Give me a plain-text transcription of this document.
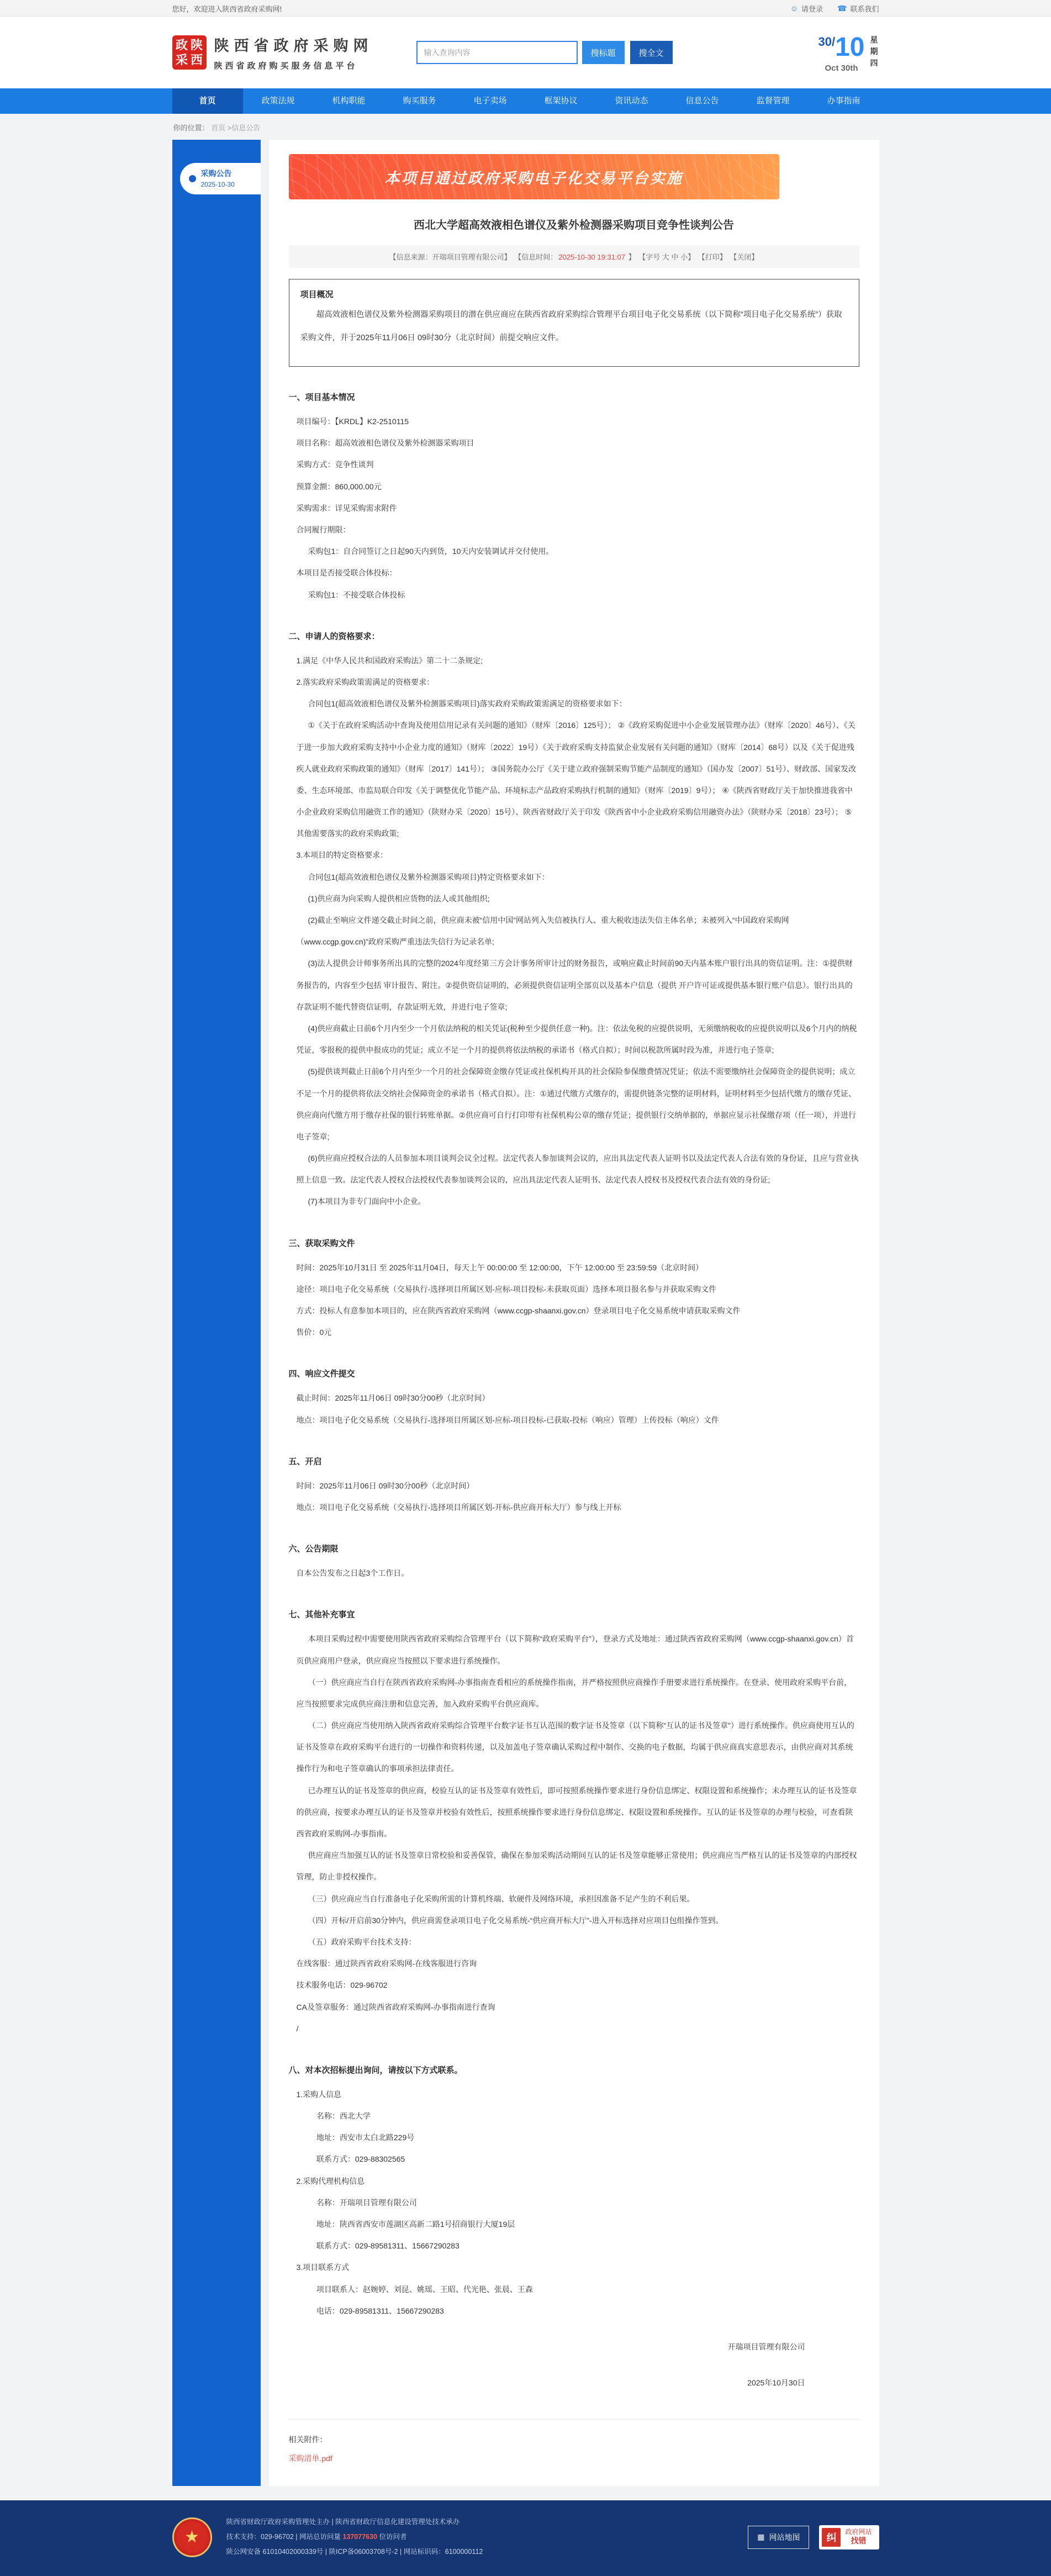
您好，欢迎进入陕西省政府采购网!	☺ 请登录 ☎ 联系我们
政 陕
采 西
陕西省政府采购网
陕西省政府购买服务信息平台
输入查询内容
搜标题	搜全文
30/10
Oct 30th
星期四
首页	政策法规	机构职能	购买服务	电子卖场	框架协议	资讯动态	信息公告	监督管理	办事指南
你的位置： 首页 >信息公告
采购公告
2025-10-30	本项目通过政府采购电子化交易平台实施
西北大学超高效液相色谱仪及紫外检测器采购项目竞争性谈判公告
【信息来源：开瑞项目管理有限公司】 【信息时间： 2025-10-30 19:31:07 】 【字号 大 中 小】 【打印】 【关闭】
项目概况

超高效液相色谱仪及紫外检测器采购项目的潜在供应商应在陕西省政府采购综合管理平台项目电子化交易系统（以下简称“项目电子化交易系统”）获取采购文件，并于2025年11月06日 09时30分（北京时间）前提交响应文件。

一、项目基本情况
项目编号：【KRDL】K2-2510115
项目名称：超高效液相色谱仪及紫外检测器采购项目
采购方式：竞争性谈判
预算金额：860,000.00元
采购需求：详见采购需求附件
合同履行期限：
采购包1：自合同签订之日起90天内到货，10天内安装调试并交付使用。
本项目是否接受联合体投标：
采购包1：不接受联合体投标
二、申请人的资格要求：
1.满足《中华人民共和国政府采购法》第二十二条规定;
2.落实政府采购政策需满足的资格要求：
合同包1(超高效液相色谱仪及紫外检测器采购项目)落实政府采购政策需满足的资格要求如下：
①《关于在政府采购活动中查询及使用信用记录有关问题的通知》（财库〔2016〕125号）； ②《政府采购促进中小企业发展管理办法》（财库〔2020〕46号）、《关于进一步加大政府采购支持中小企业力度的通知》（财库〔2022〕19号）《关于政府采购支持监狱企业发展有关问题的通知》（财库〔2014〕68号）以及《关于促进残疾人就业政府采购政策的通知》（财库〔2017〕141号）； ③国务院办公厅《关于建立政府强制采购节能产品制度的通知》（国办发〔2007〕51号）、财政部、国家发改委、生态环境部、市监局联合印发《关于调整优化节能产品、环境标志产品政府采购执行机制的通知》（财库〔2019〕9号）； ④《陕西省财政厅关于加快推进我省中小企业政府采购信用融资工作的通知》（陕财办采〔2020〕15号）、陕西省财政厅关于印发《陕西省中小企业政府采购信用融资办法》（陕财办采〔2018〕23号）； ⑤其他需要落实的政府采购政策;
3.本项目的特定资格要求：
合同包1(超高效液相色谱仪及紫外检测器采购项目)特定资格要求如下：
(1)供应商为向采购人提供相应货物的法人或其他组织;
(2)截止至响应文件递交截止时间之前，供应商未被“信用中国”网站列入失信被执行人、重大税收违法失信主体名单；未被列入“中国政府采购网（www.ccgp.gov.cn)”政府采购严重违法失信行为记录名单;
(3)法人提供会计师事务所出具的完整的2024年度经第三方会计事务所审计过的财务报告，或响应截止时间前90天内基本账户银行出具的资信证明。注：①提供财务报告的，内容至少包括 审计报告、附注。②提供资信证明的，必须提供资信证明全部页以及基本户信息（提供 开户许可证或提供基本银行账户信息）。银行出具的存款证明不能代替资信证明，存款证明无效，并进行电子签章;
(4)供应商截止日前6个月内至少一个月依法纳税的相关凭证(税种至少提供任意一种)。注：依法免税的应提供说明，无须缴纳税收的应提供说明以及6个月内的纳税凭证，零报税的提供申报成功的凭证；成立不足一个月的提供将依法纳税的承诺书（格式自拟）；时间以税款所属时段为准，并进行电子签章;
(5)提供谈判截止日前6个月内至少一个月的社会保障资金缴存凭证或社保机构开具的社会保险参保缴费情况凭证；依法不需要缴纳社会保障资金的提供说明；成立不足一个月的提供将依法交纳社会保障资金的承诺书（格式自拟）。注：①通过代缴方式缴存的，需提供链条完整的证明材料，证明材料至少包括代缴方的缴存凭证、供应商向代缴方用于缴存社保的银行转账单据。②供应商可自行打印带有社保机构公章的缴存凭证；提供银行交纳单据的，单据应显示社保缴存项（任一项），并进行电子签章;
(6)供应商应授权合法的人员参加本项目谈判会议全过程。法定代表人参加谈判会议的，应出具法定代表人证明书以及法定代表人合法有效的身份证，且应与营业执照上信息一致。法定代表人授权合法授权代表参加谈判会议的，应出具法定代表人证明书、法定代表人授权书及授权代表合法有效的身份证;
(7)本项目为非专门面向中小企业。
三、获取采购文件
时间：2025年10月31日 至 2025年11月04日，每天上午 00:00:00 至 12:00:00，下午 12:00:00 至 23:59:59（北京时间）
途径：项目电子化交易系统（交易执行-选择项目所属区划-应标-项目投标-未获取页面）选择本项目报名参与并获取采购文件
方式：投标人有意参加本项目的，应在陕西省政府采购网（www.ccgp-shaanxi.gov.cn）登录项目电子化交易系统申请获取采购文件
售价：0元
四、响应文件提交
截止时间：2025年11月06日 09时30分00秒（北京时间）
地点：项目电子化交易系统（交易执行-选择项目所属区划-应标-项目投标-已获取-投标（响应）管理）上传投标（响应）文件
五、开启
时间：2025年11月06日 09时30分00秒（北京时间）
地点：项目电子化交易系统（交易执行-选择项目所属区划-开标-供应商开标大厅）参与线上开标
六、公告期限
自本公告发布之日起3个工作日。
七、其他补充事宜
本项目采购过程中需要使用陕西省政府采购综合管理平台（以下简称“政府采购平台”），登录方式及地址：通过陕西省政府采购网（www.ccgp-shaanxi.gov.cn）首页供应商用户登录，供应商应当按照以下要求进行系统操作。
（一）供应商应当自行在陕西省政府采购网-办事指南查看相应的系统操作指南，并严格按照供应商操作手册要求进行系统操作。在登录、使用政府采购平台前，应当按照要求完成供应商注册和信息完善，加入政府采购平台供应商库。
（二）供应商应当使用纳入陕西省政府采购综合管理平台数字证书互认范围的数字证书及签章（以下简称“互认的证书及签章”）进行系统操作。供应商使用互认的证书及签章在政府采购平台进行的一切操作和资料传递，以及加盖电子签章确认采购过程中制作、交换的电子数据，均属于供应商真实意思表示，由供应商对其系统操作行为和电子签章确认的事项承担法律责任。
已办理互认的证书及签章的供应商，校验互认的证书及签章有效性后，即可按照系统操作要求进行身份信息绑定、权限设置和系统操作；未办理互认的证书及签章的供应商，按要求办理互认的证书及签章并校验有效性后，按照系统操作要求进行身份信息绑定、权限设置和系统操作。互认的证书及签章的办理与校验，可查看陕西省政府采购网-办事指南。
供应商应当加强互认的证书及签章日常校验和妥善保管，确保在参加采购活动期间互认的证书及签章能够正常使用；供应商应当严格互认的证书及签章的内部授权管理，防止非授权操作。
（三）供应商应当自行准备电子化采购所需的计算机终端、软硬件及网络环境，承担因准备不足产生的不利后果。
（四）开标/开启前30分钟内，供应商需登录项目电子化交易系统-“供应商开标大厅”-进入开标选择对应项目包组操作签到。
（五）政府采购平台技术支持：
在线客服：通过陕西省政府采购网-在线客服进行咨询
技术服务电话：029-96702
CA及签章服务：通过陕西省政府采购网-办事指南进行查询
/
八、对本次招标提出询问，请按以下方式联系。
1.采购人信息
名称：西北大学
地址：西安市太白北路229号
联系方式：029-88302565
2.采购代理机构信息
名称：开瑞项目管理有限公司
地址：陕西省西安市莲湖区高新二路1号招商银行大厦19层
联系方式：029-89581311、15667290283
3.项目联系方式
项目联系人：赵婉婷、刘昆、姚瑶、王昭、代光艳、张晨、王森
电话：029-89581311、15667290283
开瑞项目管理有限公司
2025年10月30日
相关附件：
采购清单.pdf
★
陕西省财政厅政府采购管理处主办 | 陕西省财政厅信息化建设管理处技术承办
技术支持：029-96702 | 网站总访问量 137077630 位访问者
陕公网安备 61010402000339号 | 陕ICP备06003708号-2 | 网站标识码：6100000112
▦ 网站地图	纠
政府网站
找错
